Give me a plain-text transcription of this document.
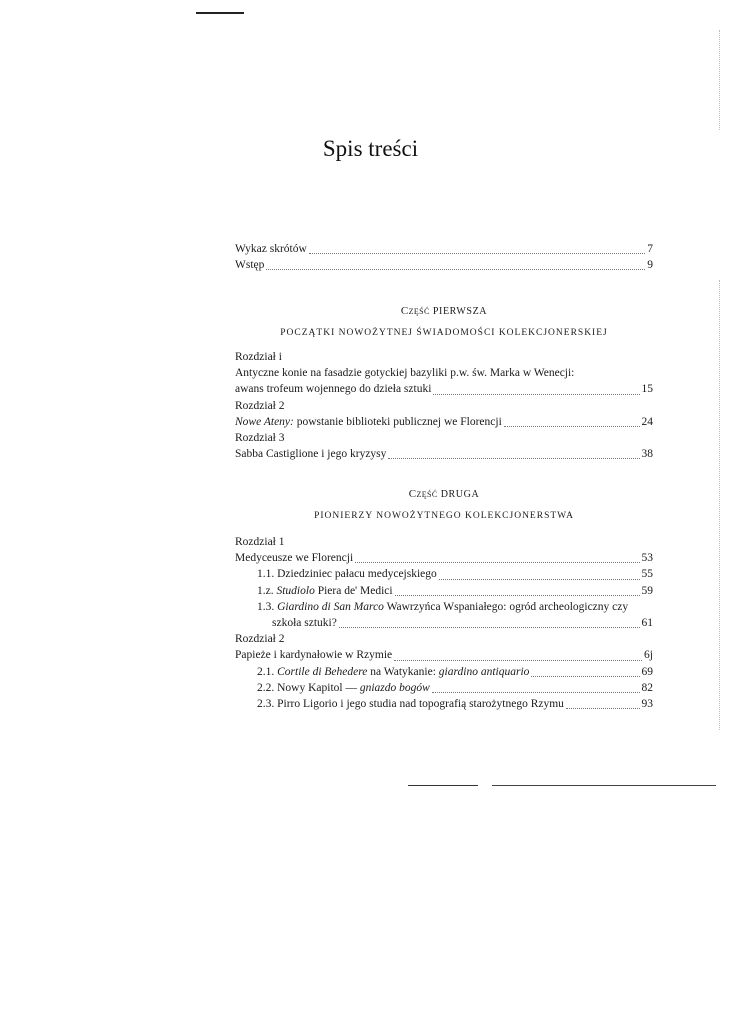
Spis treści
Wykaz skrótów	7
Wstęp	9
Część PIERWSZA
POCZĄTKI NOWOŻYTNEJ ŚWIADOMOŚCI KOLEKCJONERSKIEJ
Rozdział i
Antyczne konie na fasadzie gotyckiej bazyliki p.w. św. Marka w Wenecji:
awans trofeum wojennego do dzieła sztuki	15
Rozdział 2
Nowe Ateny: powstanie biblioteki publicznej we Florencji	24
Rozdział 3
Sabba Castiglione i jego kryzysy	38
Część DRUGA
PIONIERZY NOWOŻYTNEGO KOLEKCJONERSTWA
Rozdział 1
Medyceusze we Florencji	53
1.1. Dziedziniec pałacu medycejskiego	55
1.z. Studiolo Piera de' Medici	59
1.3. Giardino di San Marco Wawrzyńca Wspaniałego: ogród archeologiczny czy
szkoła sztuki?	61
Rozdział 2
Papieże i kardynałowie w Rzymie	6j
2.1. Cortile di Behedere na Watykanie: giardino antiquario	69
2.2. Nowy Kapitol — gniazdo bogów	82
2.3. Pirro Ligorio i jego studia nad topografią starożytnego Rzymu	93
